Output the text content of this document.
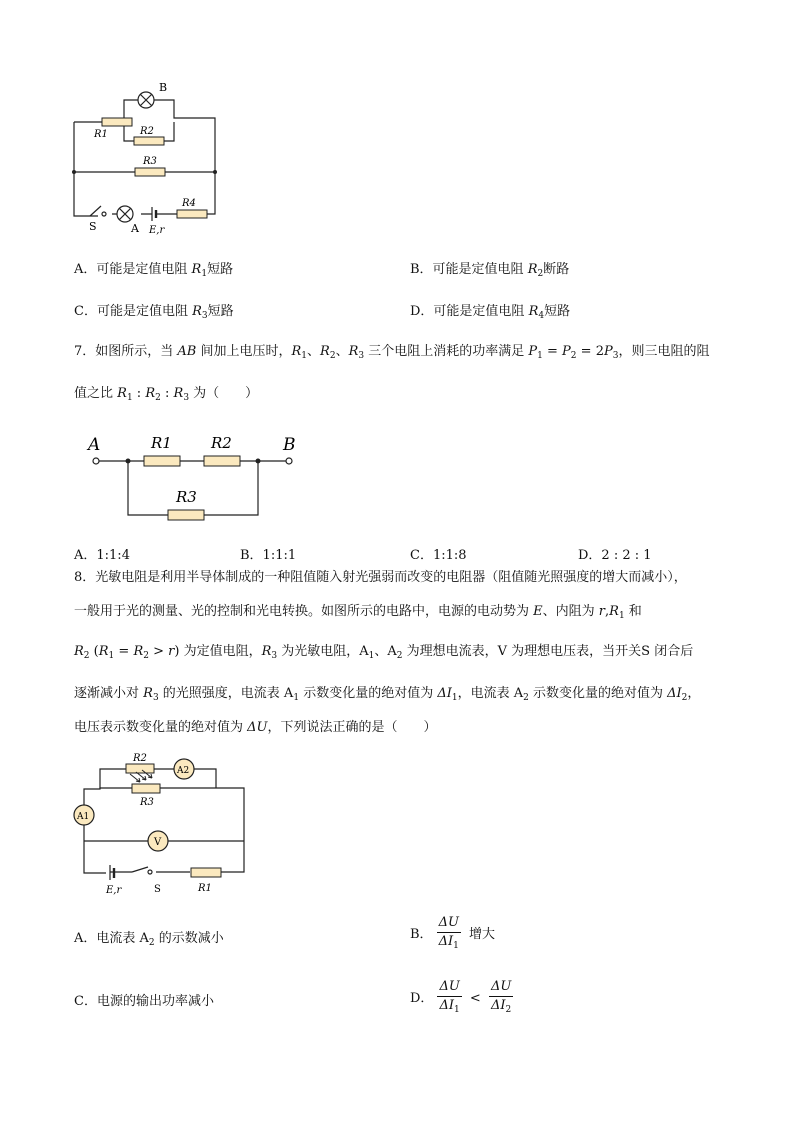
B
R1	R2
R3
R4
S	A E,r
A．可能是定值电阻 $R_1$短路	B．可能是定值电阻 $R_2$断路
C．可能是定值电阻 $R_3$短路	D．可能是定值电阻 $R_4$短路
7．如图所示，当 AB 间加上电压时，$R_1$、$R_2$、$R_3$ 三个电阻上消耗的功率满足 $P_1 = P_2 = 2P_3$，则三电阻的阻
值之比 $R_1$ : $R_2$ : $R_3$ 为（　　）
A	B
R1	R2
R3
A．1:1:4	B．1:1:1	C．1:1:8	D．2 : 2 : 1
8．光敏电阻是利用半导体制成的一种阻值随入射光强弱而改变的电阻器（阻值随光照强度的增大而减小），
一般用于光的测量、光的控制和光电转换。如图所示的电路中，电源的电动势为 E、内阻为 $r,R_1$ 和
$R_2$ $(R_1 = R_2 > r)$ 为定值电阻，$R_3$ 为光敏电阻，$A_1$、$A_2$ 为理想电流表，V 为理想电压表，当开关S 闭合后
逐渐减小对 $R_3$ 的光照强度，电流表 $A_1$ 示数变化量的绝对值为 $\Delta I_1$，电流表 $A_2$ 示数变化量的绝对值为 $\Delta I_2$，
电压表示数变化量的绝对值为 ΔU，下列说法正确的是（　　）
R2
A2
R3
A1
V
E,r	S	R1
A．电流表 $A_2$ 的示数减小	B． $\frac{\Delta U}{\Delta I_1}$ 增大
C．电源的输出功率减小	D． $\frac{\Delta U}{\Delta I_1} < \frac{\Delta U}{\Delta I_2}$
